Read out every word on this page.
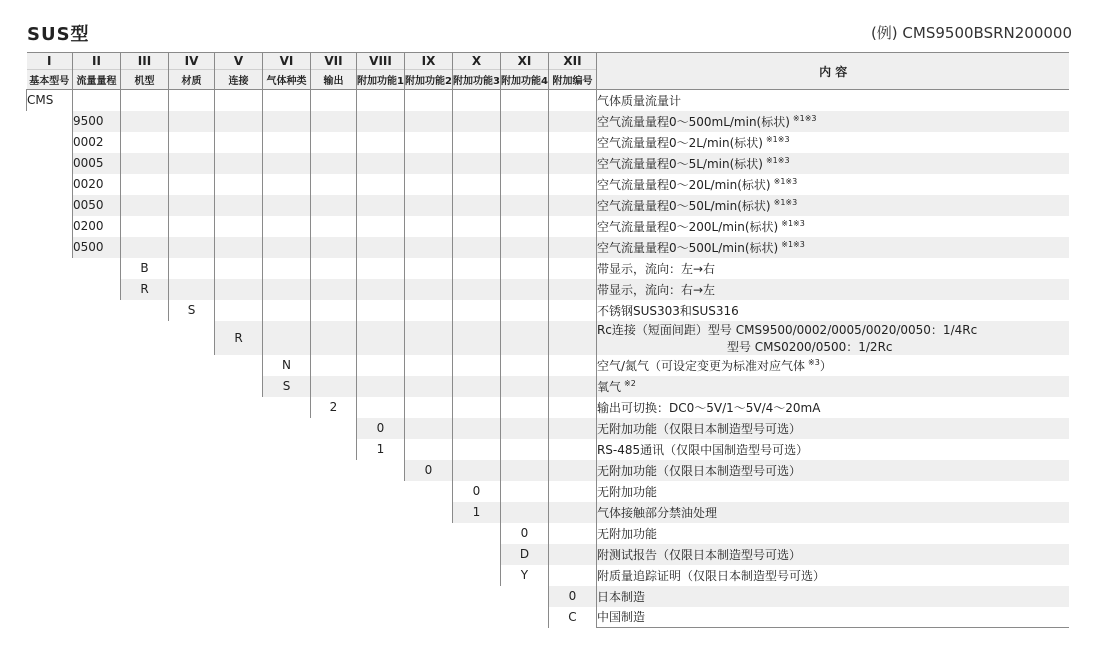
SUS型	(例) CMS9500BSRN200000
I	II	III	IV	V	VI	VII	VIII	IX	X	XI	XII	内 容
基本型号	流量量程	机型	材质	连接	气体种类	输出	附加功能1	附加功能2	附加功能3	附加功能4	附加编号	
CMS												气体质量流量计
	9500											空气流量量程0～500mL/min(标状) $^{※1※3}$
	0002											空气流量量程0～2L/min(标状) $^{※1※3}$
	0005											空气流量量程0～5L/min(标状) $^{※1※3}$
	0020											空气流量量程0～20L/min(标状) $^{※1※3}$
	0050											空气流量量程0～50L/min(标状) $^{※1※3}$
	0200											空气流量量程0～200L/min(标状) $^{※1※3}$
	0500											空气流量量程0～500L/min(标状) $^{※1※3}$
		B										带显示，流向：左→右
		R										带显示，流向：右→左
			S									不锈钢SUS303和SUS316
				R								Rc连接（短面间距）型号 CMS9500/0002/0005/0020/0050：1/4Rc
型号 CMS0200/0500：1/2Rc

					N							空气/氮气（可设定变更为标准对应气体 $^{※3}$）
					S							氧气 $^{※2}$
						2						输出可切换：DC0～5V/1～5V/4～20mA
							0					无附加功能（仅限日本制造型号可选）
							1					RS-485通讯（仅限中国制造型号可选）
								0				无附加功能（仅限日本制造型号可选）
									0			无附加功能
									1			气体接触部分禁油处理
										0		无附加功能
										D		附测试报告（仅限日本制造型号可选）
										Y		附质量追踪证明（仅限日本制造型号可选）
											0	日本制造
											C	中国制造
